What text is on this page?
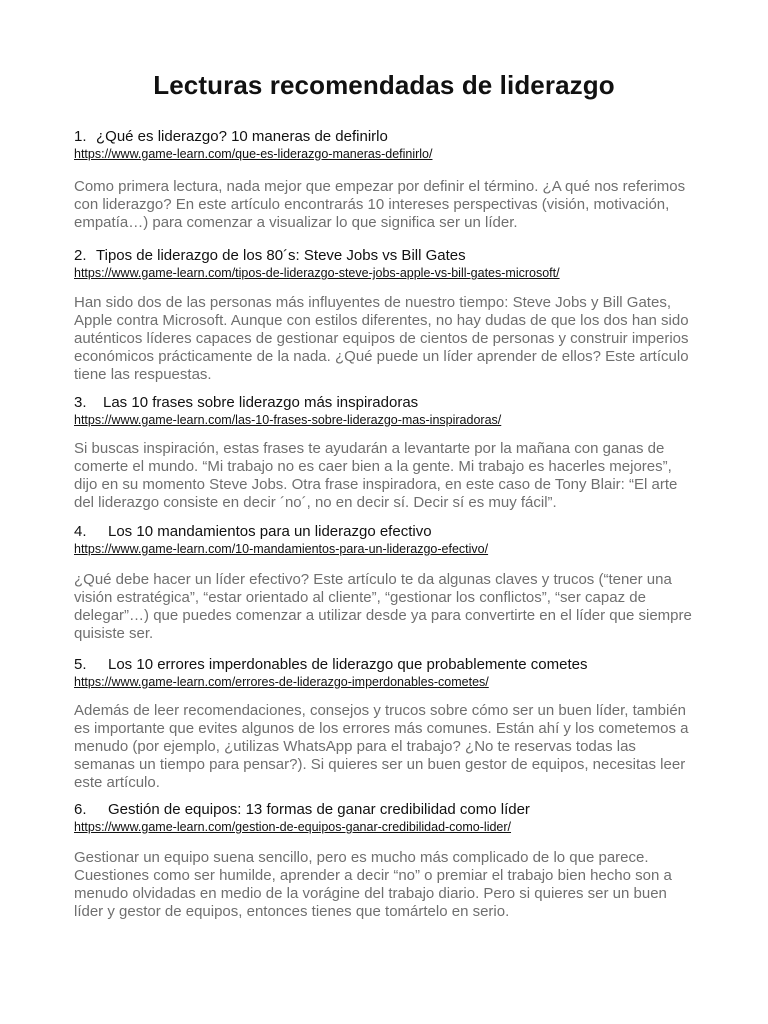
Lecturas recomendadas de liderazgo
1. ¿Qué es liderazgo? 10 maneras de definirlo
https://www.game-learn.com/que-es-liderazgo-maneras-definirlo/
Como primera lectura, nada mejor que empezar por definir el término. ¿A qué nos referimos con liderazgo? En este artículo encontrarás 10 intereses perspectivas (visión, motivación, empatía…) para comenzar a visualizar lo que significa ser un líder.
2. Tipos de liderazgo de los 80´s: Steve Jobs vs Bill Gates
https://www.game-learn.com/tipos-de-liderazgo-steve-jobs-apple-vs-bill-gates-microsoft/
Han sido dos de las personas más influyentes de nuestro tiempo: Steve Jobs y Bill Gates, Apple contra Microsoft. Aunque con estilos diferentes, no hay dudas de que los dos han sido auténticos líderes capaces de gestionar equipos de cientos de personas y construir imperios económicos prácticamente de la nada. ¿Qué puede un líder aprender de ellos? Este artículo tiene las respuestas.
3. Las 10 frases sobre liderazgo más inspiradoras
https://www.game-learn.com/las-10-frases-sobre-liderazgo-mas-inspiradoras/
Si buscas inspiración, estas frases te ayudarán a levantarte por la mañana con ganas de comerte el mundo. “Mi trabajo no es caer bien a la gente. Mi trabajo es hacerles mejores”, dijo en su momento Steve Jobs. Otra frase inspiradora, en este caso de Tony Blair: “El arte del liderazgo consiste en decir ´no´, no en decir sí. Decir sí es muy fácil”.
4. Los 10 mandamientos para un liderazgo efectivo
https://www.game-learn.com/10-mandamientos-para-un-liderazgo-efectivo/
¿Qué debe hacer un líder efectivo? Este artículo te da algunas claves y trucos (“tener una visión estratégica”, “estar orientado al cliente”, “gestionar los conflictos”, “ser capaz de delegar”…) que puedes comenzar a utilizar desde ya para convertirte en el líder que siempre quisiste ser.
5. Los 10 errores imperdonables de liderazgo que probablemente cometes
https://www.game-learn.com/errores-de-liderazgo-imperdonables-cometes/
Además de leer recomendaciones, consejos y trucos sobre cómo ser un buen líder, también es importante que evites algunos de los errores más comunes. Están ahí y los cometemos a menudo (por ejemplo, ¿utilizas WhatsApp para el trabajo? ¿No te reservas todas las semanas un tiempo para pensar?). Si quieres ser un buen gestor de equipos, necesitas leer este artículo.
6. Gestión de equipos: 13 formas de ganar credibilidad como líder
https://www.game-learn.com/gestion-de-equipos-ganar-credibilidad-como-lider/
Gestionar un equipo suena sencillo, pero es mucho más complicado de lo que parece. Cuestiones como ser humilde, aprender a decir “no” o premiar el trabajo bien hecho son a menudo olvidadas en medio de la vorágine del trabajo diario. Pero si quieres ser un buen líder y gestor de equipos, entonces tienes que tomártelo en serio.
